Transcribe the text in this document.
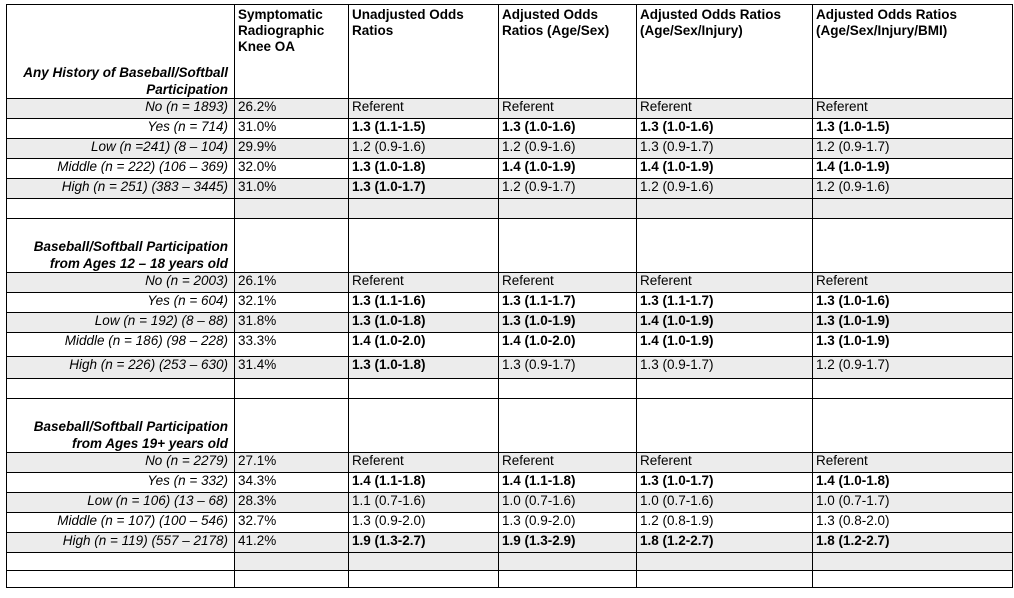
Any History of Baseball/Softball Participation	Symptomatic Radiographic Knee OA	Unadjusted Odds Ratios	Adjusted Odds Ratios (Age/Sex)	Adjusted Odds Ratios (Age/Sex/Injury)	Adjusted Odds Ratios (Age/Sex/Injury/BMI)
No (n = 1893)	26.2%	Referent	Referent	Referent	Referent
Yes (n = 714)	31.0%	1.3 (1.1-1.5)	1.3 (1.0-1.6)	1.3 (1.0-1.6)	1.3 (1.0-1.5)
Low (n =241) (8 – 104)	29.9%	1.2 (0.9-1.6)	1.2 (0.9-1.6)	1.3 (0.9-1.7)	1.2 (0.9-1.7)
Middle (n = 222) (106 – 369)	32.0%	1.3 (1.0-1.8)	1.4 (1.0-1.9)	1.4 (1.0-1.9)	1.4 (1.0-1.9)
High (n = 251) (383 – 3445)	31.0%	1.3 (1.0-1.7)	1.2 (0.9-1.7)	1.2 (0.9-1.6)	1.2 (0.9-1.6)

Baseball/Softball Participation from Ages 12 – 18 years old					
No (n = 2003)	26.1%	Referent	Referent	Referent	Referent
Yes (n = 604)	32.1%	1.3 (1.1-1.6)	1.3 (1.1-1.7)	1.3 (1.1-1.7)	1.3 (1.0-1.6)
Low (n = 192) (8 – 88)	31.8%	1.3 (1.0-1.8)	1.3 (1.0-1.9)	1.4 (1.0-1.9)	1.3 (1.0-1.9)
Middle (n = 186) (98 – 228)	33.3%	1.4 (1.0-2.0)	1.4 (1.0-2.0)	1.4 (1.0-1.9)	1.3 (1.0-1.9)
High (n = 226) (253 – 630)	31.4%	1.3 (1.0-1.8)	1.3 (0.9-1.7)	1.3 (0.9-1.7)	1.2 (0.9-1.7)

Baseball/Softball Participation from Ages 19+ years old					
No (n = 2279)	27.1%	Referent	Referent	Referent	Referent
Yes (n = 332)	34.3%	1.4 (1.1-1.8)	1.4 (1.1-1.8)	1.3 (1.0-1.7)	1.4 (1.0-1.8)
Low (n = 106) (13 – 68)	28.3%	1.1 (0.7-1.6)	1.0 (0.7-1.6)	1.0 (0.7-1.6)	1.0 (0.7-1.7)
Middle (n = 107) (100 – 546)	32.7%	1.3 (0.9-2.0)	1.3 (0.9-2.0)	1.2 (0.8-1.9)	1.3 (0.8-2.0)
High (n = 119) (557 – 2178)	41.2%	1.9 (1.3-2.7)	1.9 (1.3-2.9)	1.8 (1.2-2.7)	1.8 (1.2-2.7)
